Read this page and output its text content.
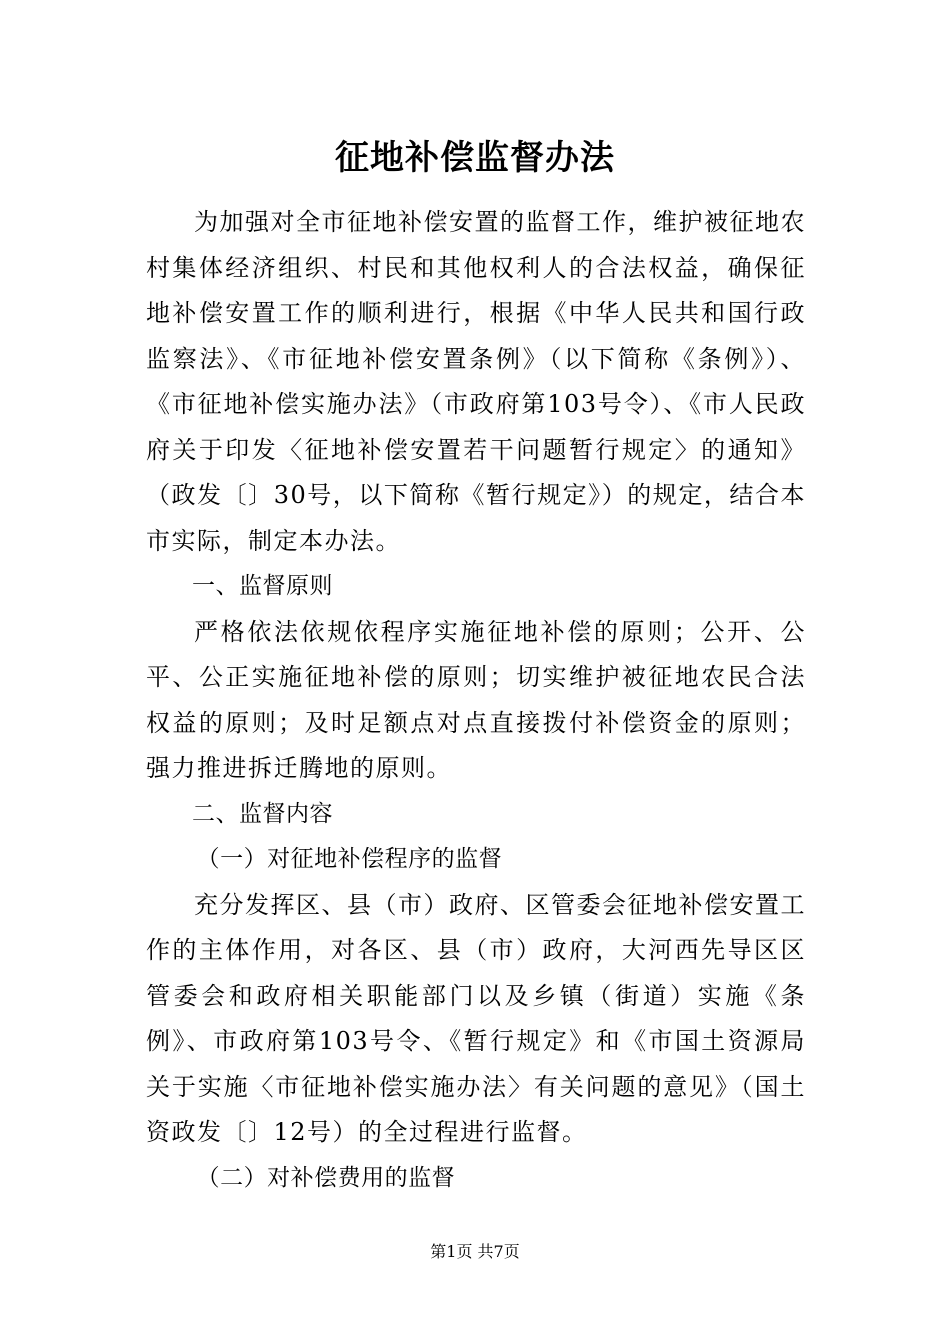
征地补偿监督办法

为加强对全市征地补偿安置的监督工作，维护被征地农村集体经济组织、村民和其他权利人的合法权益，确保征地补偿安置工作的顺利进行，根据《中华人民共和国行政监察法》、《市征地补偿安置条例》（以下简称《条例》）、《市征地补偿实施办法》（市政府第103号令）、《市人民政府关于印发〈征地补偿安置若干问题暂行规定〉的通知》（政发〔〕30号，以下简称《暂行规定》）的规定，结合本市实际，制定本办法。

一、监督原则

严格依法依规依程序实施征地补偿的原则；公开、公平、公正实施征地补偿的原则；切实维护被征地农民合法权益的原则；及时足额点对点直接拨付补偿资金的原则；强力推进拆迁腾地的原则。

二、监督内容

（一）对征地补偿程序的监督

充分发挥区、县（市）政府、区管委会征地补偿安置工作的主体作用，对各区、县（市）政府，大河西先导区区管委会和政府相关职能部门以及乡镇（街道）实施《条例》、市政府第103号令、《暂行规定》和《市国土资源局关于实施〈市征地补偿实施办法〉有关问题的意见》（国土资政发〔〕12号）的全过程进行监督。

（二）对补偿费用的监督

第1页 共7页
